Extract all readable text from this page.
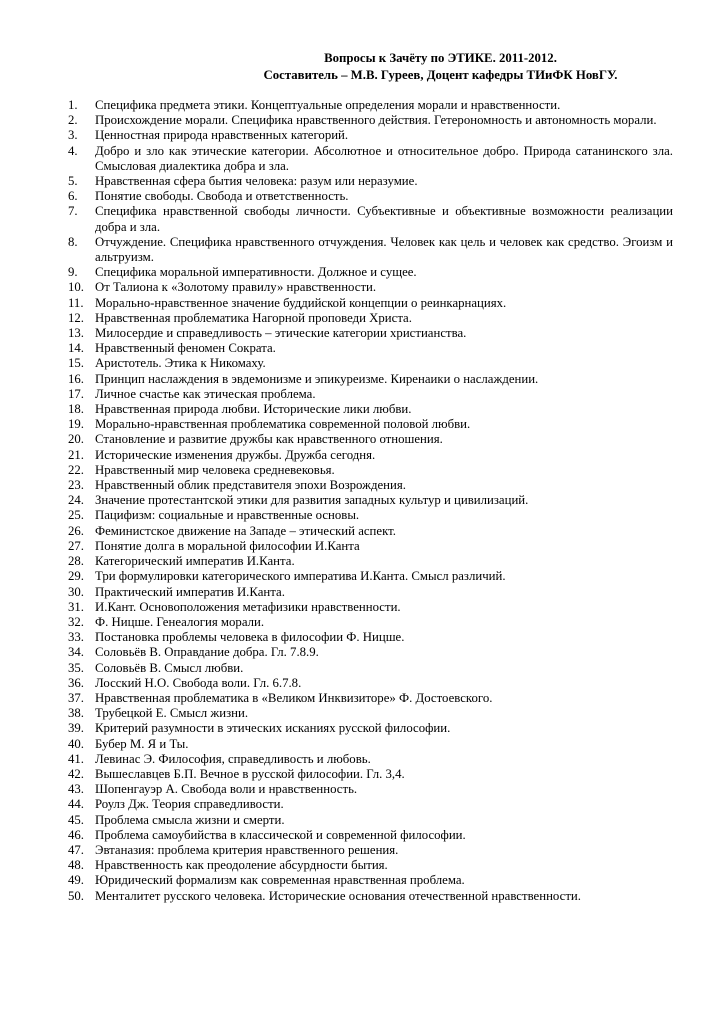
Вопросы к Зачёту по ЭТИКЕ. 2011-2012.
Составитель – М.В. Гуреев, Доцент кафедры ТИиФК НовГУ.
1.	Специфика предмета этики. Концептуальные определения морали и нравственности.
2.	Происхождение морали. Специфика нравственного действия. Гетерономность и автономность морали.
3.	Ценностная природа нравственных категорий.
4.	Добро и зло как этические категории. Абсолютное и относительное добро. Природа сатанинского зла. Смысловая диалектика добра и зла.
5.	Нравственная сфера бытия человека: разум или неразумие.
6.	Понятие свободы. Свобода и ответственность.
7.	Специфика нравственной свободы личности. Субъективные и объективные возможности реализации добра и зла.
8.	Отчуждение. Специфика нравственного отчуждения. Человек как цель и человек как средство. Эгоизм и альтруизм.
9.	Специфика моральной императивности. Должное и сущее.
10. От Талиона к «Золотому правилу» нравственности.
11. Морально-нравственное значение буддийской концепции о реинкарнациях.
12. Нравственная проблематика Нагорной проповеди Христа.
13. Милосердие и справедливость – этические категории христианства.
14. Нравственный феномен Сократа.
15. Аристотель. Этика к Никомаху.
16. Принцип наслаждения в эвдемонизме и эпикуреизме. Киренаики о наслаждении.
17. Личное счастье как этическая проблема.
18. Нравственная природа любви. Исторические лики любви.
19. Морально-нравственная проблематика современной половой любви.
20. Становление и развитие дружбы как нравственного отношения.
21. Исторические изменения дружбы. Дружба сегодня.
22. Нравственный мир человека средневековья.
23. Нравственный облик представителя эпохи Возрождения.
24. Значение протестантской этики для развития западных культур и цивилизаций.
25. Пацифизм: социальные и нравственные основы.
26. Феминистское движение на Западе – этический аспект.
27. Понятие долга в моральной философии И.Канта
28. Категорический императив И.Канта.
29. Три формулировки категорического императива И.Канта. Смысл различий.
30. Практический императив И.Канта.
31. И.Кант. Основоположения метафизики нравственности.
32. Ф. Ницше. Генеалогия морали.
33. Постановка проблемы человека в философии Ф. Ницше.
34. Соловьёв В. Оправдание добра. Гл. 7.8.9.
35. Соловьёв В. Смысл любви.
36. Лосский Н.О. Свобода воли. Гл. 6.7.8.
37. Нравственная проблематика в «Великом Инквизиторе» Ф. Достоевского.
38. Трубецкой Е. Смысл жизни.
39. Критерий разумности в этических исканиях русской философии.
40. Бубер М. Я и Ты.
41. Левинас Э. Философия, справедливость и любовь.
42. Вышеславцев Б.П. Вечное в русской философии. Гл. 3,4.
43. Шопенгауэр А. Свобода воли и нравственность.
44. Роулз Дж. Теория справедливости.
45. Проблема смысла жизни и смерти.
46. Проблема самоубийства в классической и современной философии.
47. Эвтаназия: проблема критерия нравственного решения.
48. Нравственность как преодоление абсурдности бытия.
49. Юридический формализм как современная нравственная проблема.
50. Менталитет русского человека. Исторические основания отечественной нравственности.
